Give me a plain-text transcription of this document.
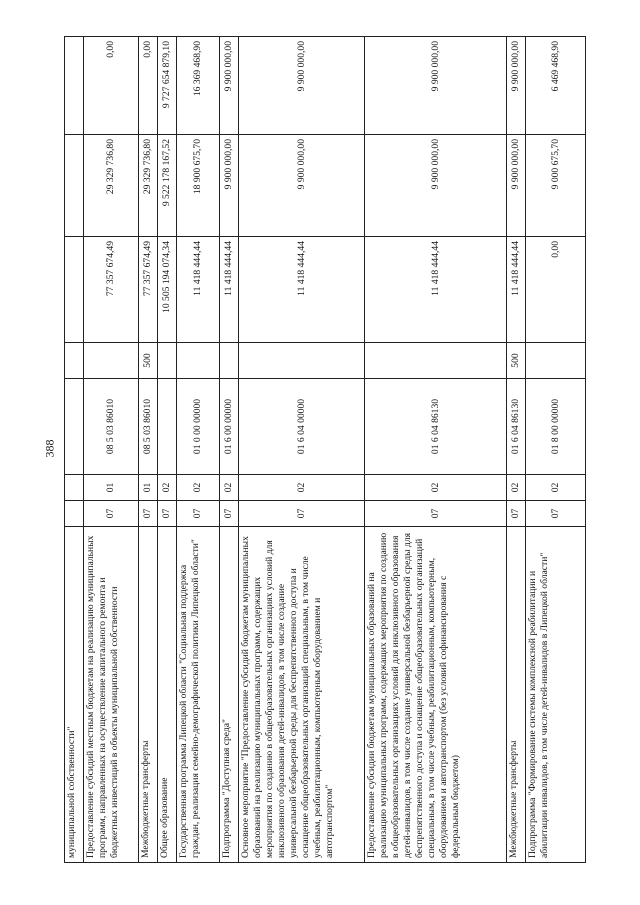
388
муниципальной собственности"							
Предоставление субсидий местным бюджетам на реализацию муниципальных программ, направленных на осуществление капитального ремонта и бюджетных инвестиций в объекты муниципальной собственности	07	01	08 5 03 86010		77 357 674,49	29 329 736,80	0,00
Межбюджетные трансферты	07	01	08 5 03 86010	500	77 357 674,49	29 329 736,80	0,00
Общее образование	07	02			10 505 194 074,34	9 522 178 167,52	9 727 654 879,10
Государственная программа Липецкой области "Социальная поддержка граждан, реализация семейно-демографической политики Липецкой области"	07	02	01 0 00 00000		11 418 444,44	18 900 675,70	16 369 468,90
Подпрограмма "Доступная среда"	07	02	01 6 00 00000		11 418 444,44	9 900 000,00	9 900 000,00
Основное мероприятие "Предоставление субсидий бюджетам муниципальных образований на реализацию муниципальных программ, содержащих мероприятия по созданию в общеобразовательных организациях условий для инклюзивного образования детей-инвалидов, в том числе создание универсальной безбарьерной среды для беспрепятственного доступа и оснащение общеобразовательных организаций специальным, в том числе учебным, реабилитационным, компьютерным оборудованием и автотранспортом"	07	02	01 6 04 00000		11 418 444,44	9 900 000,00	9 900 000,00
Предоставление субсидии бюджетам муниципальных образований на реализацию муниципальных программ, содержащих мероприятия по созданию в общеобразовательных организациях условий для инклюзивного образования детей-инвалидов, в том числе создание универсальной безбарьерной среды для беспрепятственного доступа и оснащение общеобразовательных организаций специальным, в том числе учебным, реабилитационным, компьютерным, оборудованием и автотранспортом (без условий софинансирования с федеральным бюджетом)	07	02	01 6 04 86130		11 418 444,44	9 900 000,00	9 900 000,00
Межбюджетные трансферты	07	02	01 6 04 86130	500	11 418 444,44	9 900 000,00	9 900 000,00
Подпрограмма "Формирование системы комплексной реабилитации и абилитации инвалидов, в том числе детей-инвалидов в Липецкой области"	07	02	01 8 00 00000		0,00	9 000 675,70	6 469 468,90
